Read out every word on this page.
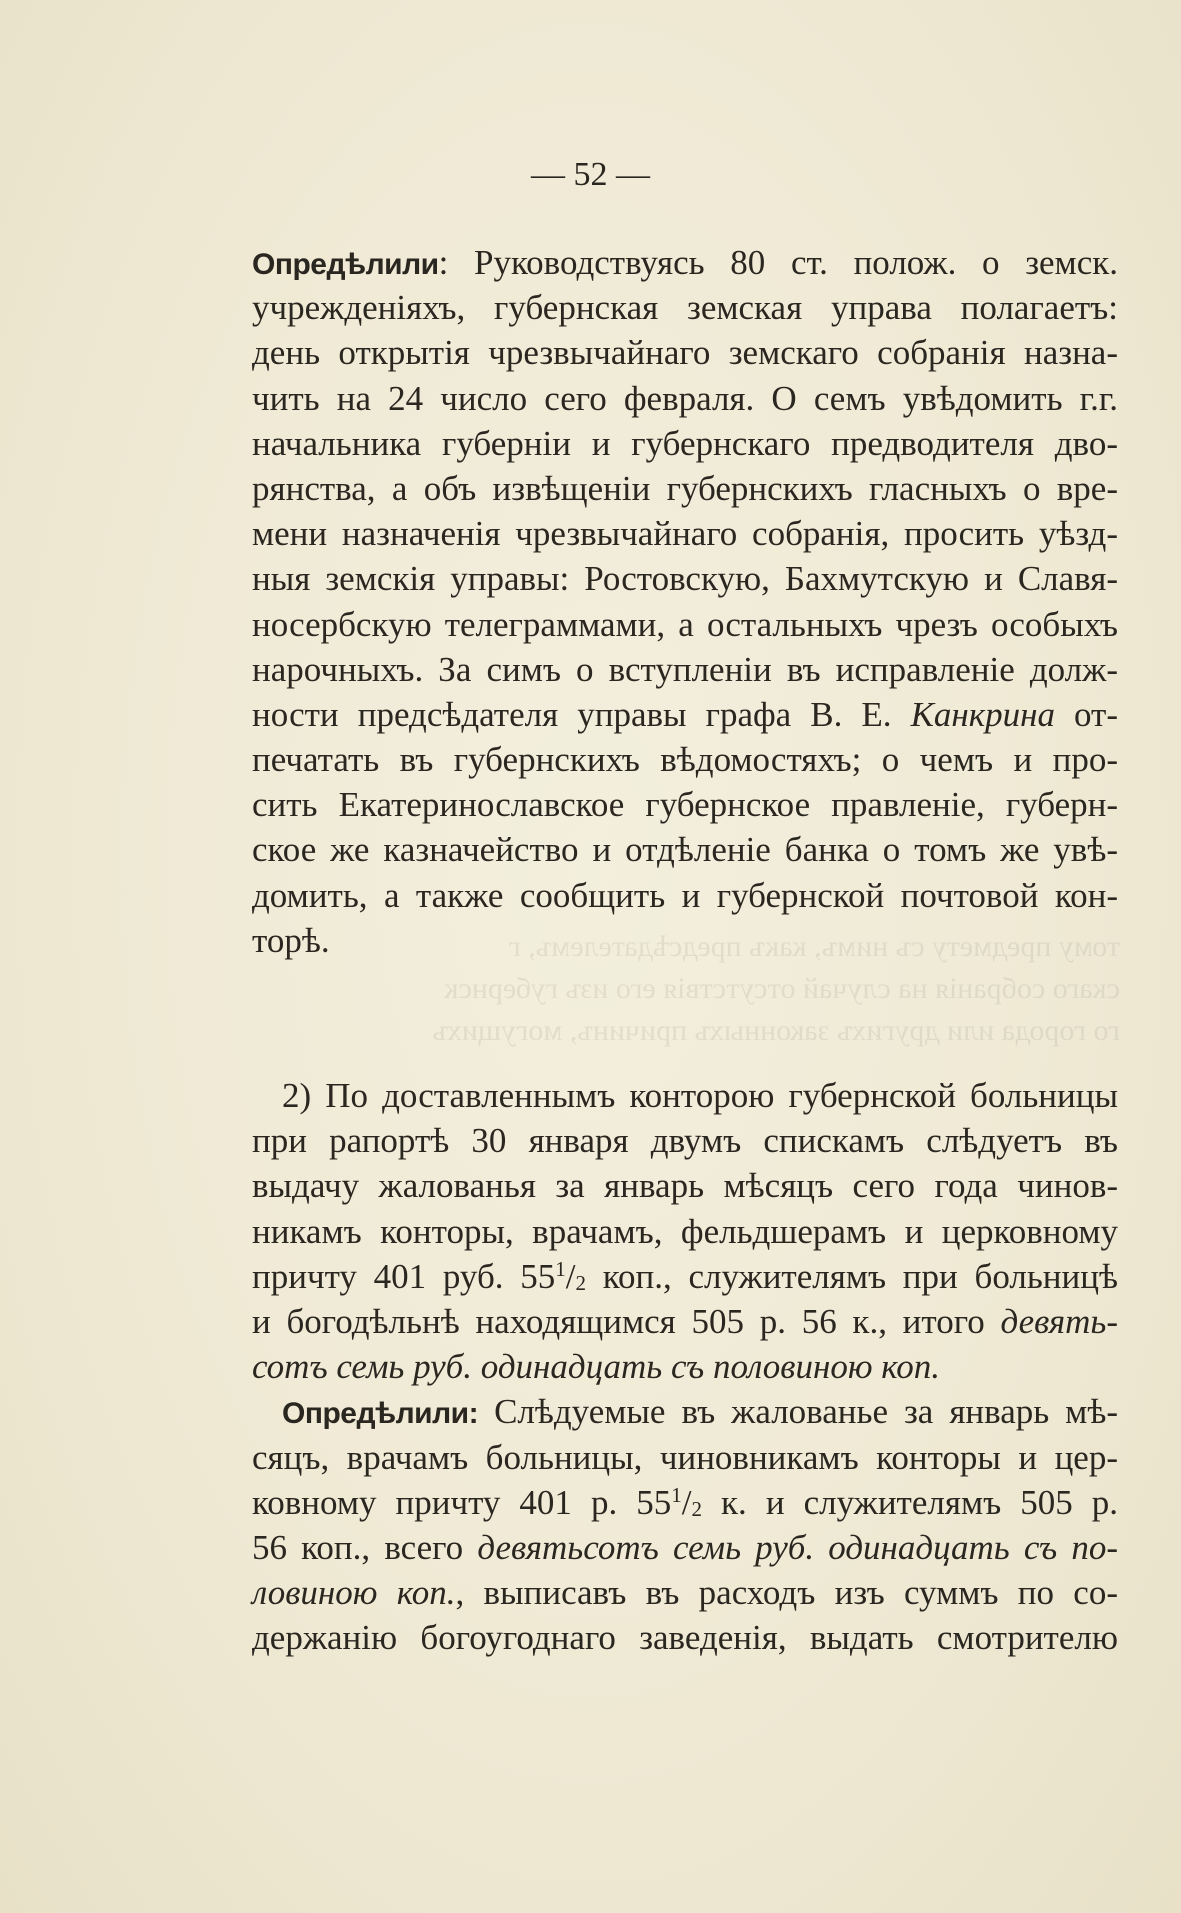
тому предмету съ нимъ, какъ предсѣдателемъ, г
скаго собранія на случай отсутствія его изъ губернск
го города или другихъ законныхъ причинъ, могущихъ
— 52 —
Опредѣлили: Руководствуясь 80 ст. полож. о земск.
учрежденіяхъ, губернская земская управа полагаетъ:
день открытія чрезвычайнаго земскаго собранія назна-
чить на 24 число сего февраля. О семъ увѣдомить г.г.
начальника губерніи и губернскаго предводителя дво-
рянства, а объ извѣщеніи губернскихъ гласныхъ о вре-
мени назначенія чрезвычайнаго собранія, просить уѣзд-
ныя земскія управы: Ростовскую, Бахмутскую и Славя-
носербскую телеграммами, а остальныхъ чрезъ особыхъ
нарочныхъ. За симъ о вступленіи въ исправленіе долж-
ности предсѣдателя управы графа В. Е. Канкрина от-
печатать въ губернскихъ вѣдомостяхъ; о чемъ и про-
сить Екатеринославское губернское правленіе, губерн-
ское же казначейство и отдѣленіе банка о томъ же увѣ-
домить, а также сообщить и губернской почтовой кон-
торѣ.
2) По доставленнымъ конторою губернской больницы
при рапортѣ 30 января двумъ спискамъ слѣдуетъ въ
выдачу жалованья за январь мѣсяцъ сего года чинов-
никамъ конторы, врачамъ, фельдшерамъ и церковному
причту 401 руб. $55^1/_2$ коп., служителямъ при больницѣ
и богодѣльнѣ находящимся 505 р. 56 к., итого девять-
сотъ семь руб. одинадцать съ половиною коп.
Опредѣлили: Слѣдуемые въ жалованье за январь мѣ-
сяцъ, врачамъ больницы, чиновникамъ конторы и цер-
ковному причту 401 р. $55^1/_2$ к. и служителямъ 505 р.
56 коп., всего девятьсотъ семь руб. одинадцать съ по-
ловиною коп., выписавъ въ расходъ изъ суммъ по со-
держанію богоугоднаго заведенія, выдать смотрителю
